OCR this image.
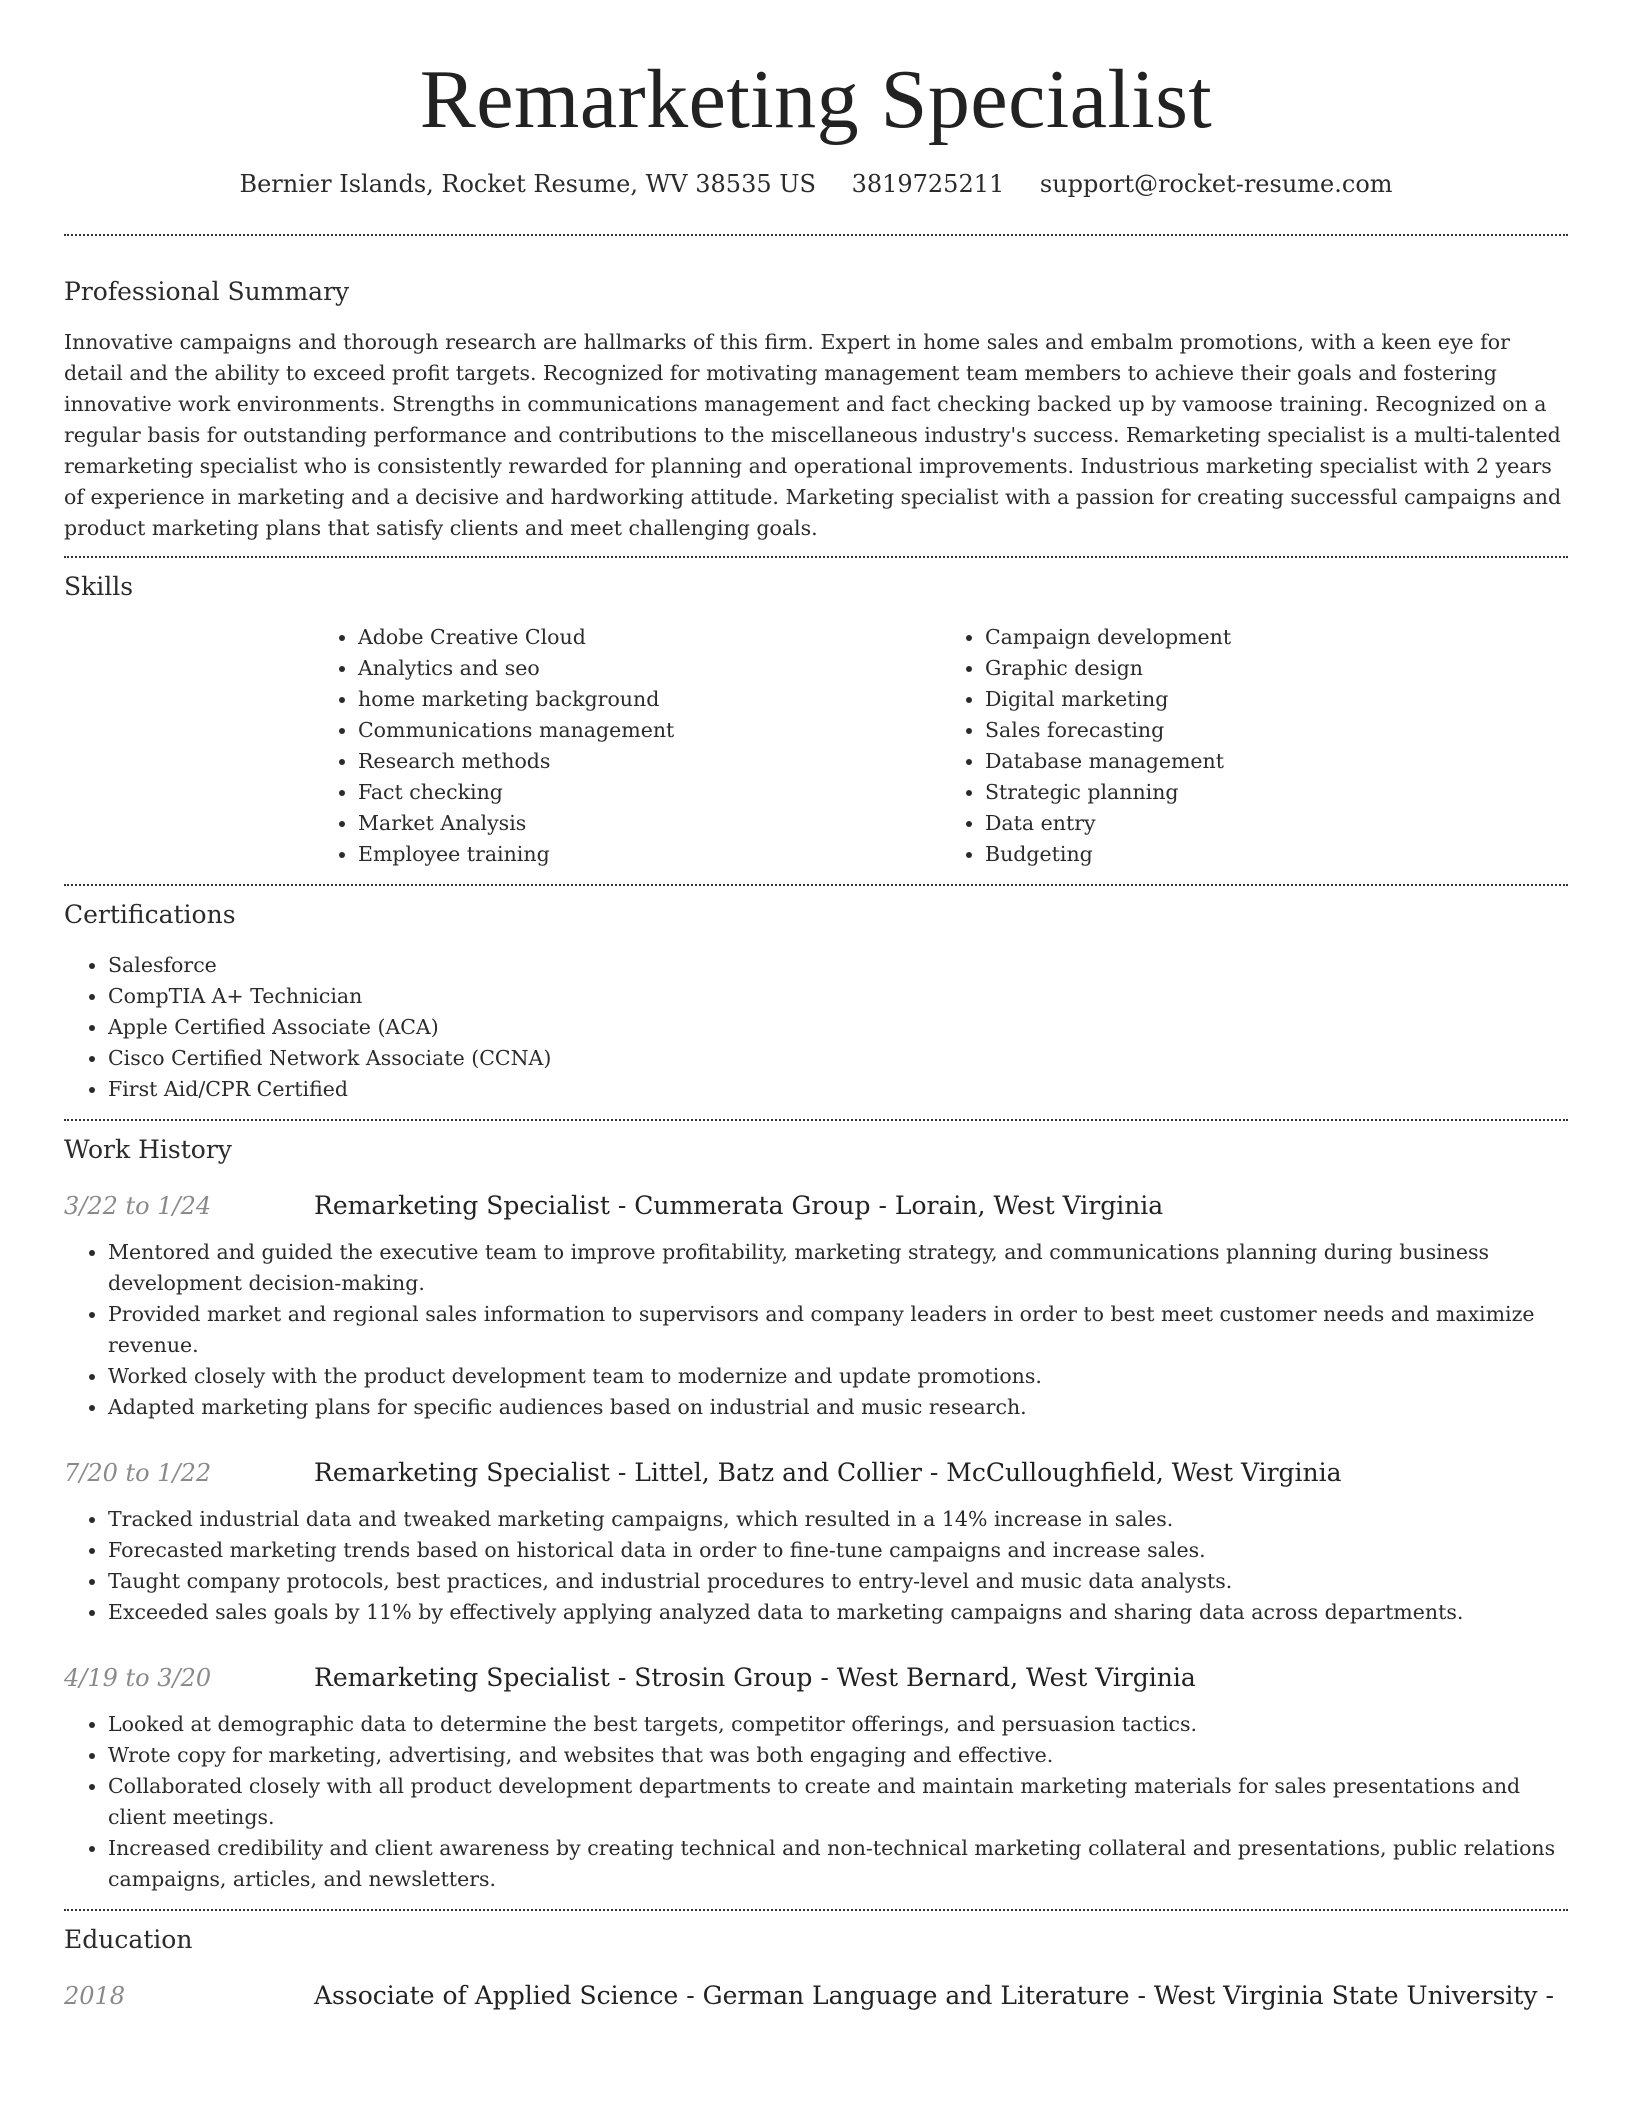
Remarketing Specialist
Bernier Islands, Rocket Resume, WV 38535 US 3819725211 support@rocket-resume.com
Professional Summary

Innovative campaigns and thorough research are hallmarks of this firm. Expert in home sales and embalm promotions, with a keen eye for detail and the ability to exceed profit targets. Recognized for motivating management team members to achieve their goals and fostering innovative work environments. Strengths in communications management and fact checking backed up by vamoose training. Recognized on a regular basis for outstanding performance and contributions to the miscellaneous industry's success. Remarketing specialist is a multi-talented remarketing specialist who is consistently rewarded for planning and operational improvements. Industrious marketing specialist with 2 years of experience in marketing and a decisive and hardworking attitude. Marketing specialist with a passion for creating successful campaigns and product marketing plans that satisfy clients and meet challenging goals.

Skills
• Adobe Creative Cloud
• Analytics and seo
• home marketing background
• Communications management
• Research methods
• Fact checking
• Market Analysis
• Employee training
• Campaign development
• Graphic design
• Digital marketing
• Sales forecasting
• Database management
• Strategic planning
• Data entry
• Budgeting
Certifications
• Salesforce
• CompTIA A+ Technician
• Apple Certified Associate (ACA)
• Cisco Certified Network Associate (CCNA)
• First Aid/CPR Certified
Work History
3/22 to 1/24	Remarketing Specialist - Cummerata Group - Lorain, West Virginia
• Mentored and guided the executive team to improve profitability, marketing strategy, and communications planning during business development decision-making.
• Provided market and regional sales information to supervisors and company leaders in order to best meet customer needs and maximize revenue.
• Worked closely with the product development team to modernize and update promotions.
• Adapted marketing plans for specific audiences based on industrial and music research.
7/20 to 1/22	Remarketing Specialist - Littel, Batz and Collier - McCulloughfield, West Virginia
• Tracked industrial data and tweaked marketing campaigns, which resulted in a 14% increase in sales.
• Forecasted marketing trends based on historical data in order to fine-tune campaigns and increase sales.
• Taught company protocols, best practices, and industrial procedures to entry-level and music data analysts.
• Exceeded sales goals by 11% by effectively applying analyzed data to marketing campaigns and sharing data across departments.
4/19 to 3/20	Remarketing Specialist - Strosin Group - West Bernard, West Virginia
• Looked at demographic data to determine the best targets, competitor offerings, and persuasion tactics.
• Wrote copy for marketing, advertising, and websites that was both engaging and effective.
• Collaborated closely with all product development departments to create and maintain marketing materials for sales presentations and client meetings.
• Increased credibility and client awareness by creating technical and non-technical marketing collateral and presentations, public relations campaigns, articles, and newsletters.
Education
2018	Associate of Applied Science - German Language and Literature - West Virginia State University -
